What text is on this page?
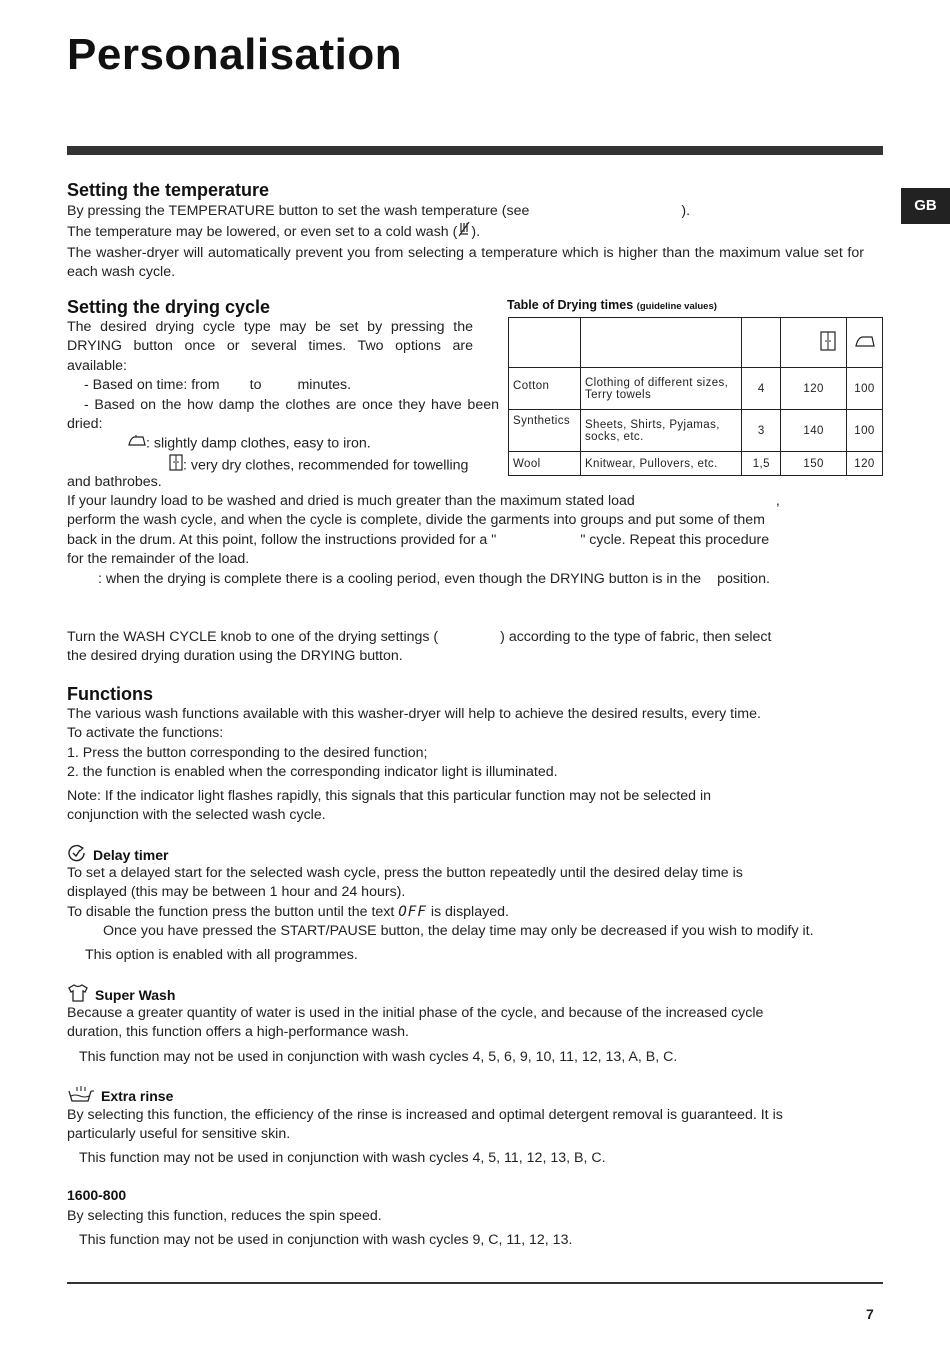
Personalisation
GB
Setting the temperature
By pressing the TEMPERATURE button to set the wash temperature (see	).
The temperature may be lowered, or even set to a cold wash ( ).
The washer-dryer will automatically prevent you from selecting a temperature which is higher than the maximum value set for each wash cycle.
Setting the drying cycle
The desired drying cycle type may be set by pressing the DRYING button once or several times. Two options are available:
- Based on time: from to	minutes.
- Based on the how damp the clothes are once they have been dried:
: slightly damp clothes, easy to iron.
: very dry clothes, recommended for towelling
and bathrobes.
Table of Drying times (guideline values)

Cotton	Clothing of different sizes, Terry towels	4	120	100
Synthetics	Sheets, Shirts, Pyjamas, socks, etc.	3	140	100
Wool	Knitwear, Pullovers, etc.	1,5	150	120
If your laundry load to be washed and dried is much greater than the maximum stated load	,
perform the wash cycle, and when the cycle is complete, divide the garments into groups and put some of them
back in the drum. At this point, follow the instructions provided for a "	" cycle. Repeat this procedure
for the remainder of the load.
: when the drying is complete there is a cooling period, even though the DRYING button is in the position.
Turn the WASH CYCLE knob to one of the drying settings (	) according to the type of fabric, then select
the desired drying duration using the DRYING button.
Functions
The various wash functions available with this washer-dryer will help to achieve the desired results, every time.
To activate the functions:
1. Press the button corresponding to the desired function;
2. the function is enabled when the corresponding indicator light is illuminated.
Note: If the indicator light flashes rapidly, this signals that this particular function may not be selected in
conjunction with the selected wash cycle.
Delay timer
To set a delayed start for the selected wash cycle, press the button repeatedly until the desired delay time is
displayed (this may be between 1 hour and 24 hours).
To disable the function press the button until the text OFF is displayed.
Once you have pressed the START/PAUSE button, the delay time may only be decreased if you wish to modify it.
This option is enabled with all programmes.
Super Wash
Because a greater quantity of water is used in the initial phase of the cycle, and because of the increased cycle
duration, this function offers a high-performance wash.
This function may not be used in conjunction with wash cycles 4, 5, 6, 9, 10, 11, 12, 13, A, B, C.
Extra rinse
By selecting this function, the efficiency of the rinse is increased and optimal detergent removal is guaranteed. It is
particularly useful for sensitive skin.
This function may not be used in conjunction with wash cycles 4, 5, 11, 12, 13, B, C.
1600-800
By selecting this function, reduces the spin speed.
This function may not be used in conjunction with wash cycles 9, C, 11, 12, 13.
7
